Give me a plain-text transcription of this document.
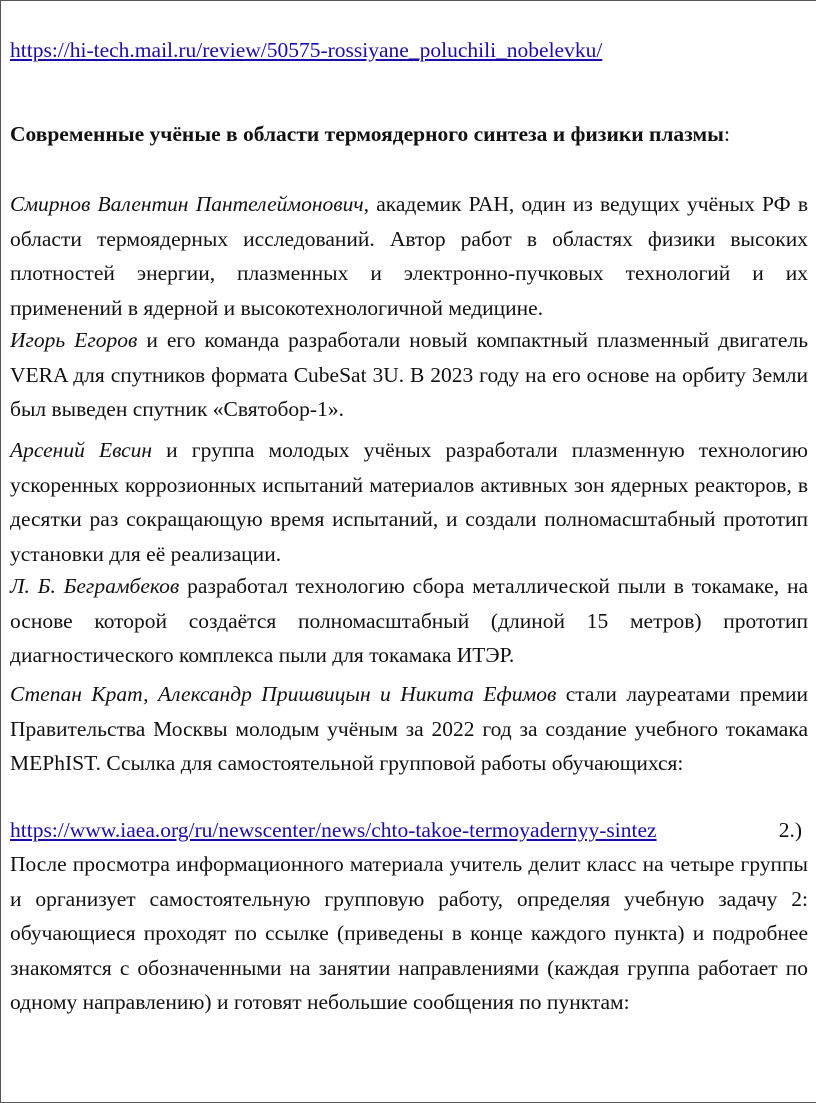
https://hi-tech.mail.ru/review/50575-rossiyane_poluchili_nobelevku/

Современные учёные в области термоядерного синтеза и физики плазмы:

Смирнов Валентин Пантелеймонович, академик РАН, один из ведущих учёных РФ в области термоядерных исследований. Автор работ в областях физики высоких плотностей энергии, плазменных и электронно-пучковых технологий и их применений в ядерной и высокотехнологичной медицине.

Игорь Егоров и его команда разработали новый компактный плазменный двигатель VERA для спутников формата CubeSat 3U. В 2023 году на его основе на орбиту Земли был выведен спутник «Святобор-1».

Арсений Евсин и группа молодых учёных разработали плазменную технологию ускоренных коррозионных испытаний материалов активных зон ядерных реакторов, в десятки раз сокращающую время испытаний, и создали полномасштабный прототип установки для её реализации.

Л. Б. Беграмбеков разработал технологию сбора металлической пыли в токамаке, на основе которой создаётся полномасштабный (длиной 15 метров) прототип диагностического комплекса пыли для токамака ИТЭР.

Степан Крат, Александр Пришвицын и Никита Ефимов стали лауреатами премии Правительства Москвы молодым учёным за 2022 год за создание учебного токамака MEPhIST. Ссылка для самостоятельной групповой работы обучающихся:

https://www.iaea.org/ru/newscenter/news/chto-takoe-termoyadernyy-sintez	2.)

После просмотра информационного материала учитель делит класс на четыре группы и организует самостоятельную групповую работу, определяя учебную задачу 2: обучающиеся проходят по ссылке (приведены в конце каждого пункта) и подробнее знакомятся с обозначенными на занятии направлениями (каждая группа работает по одному направлению) и готовят небольшие сообщения по пунктам:
